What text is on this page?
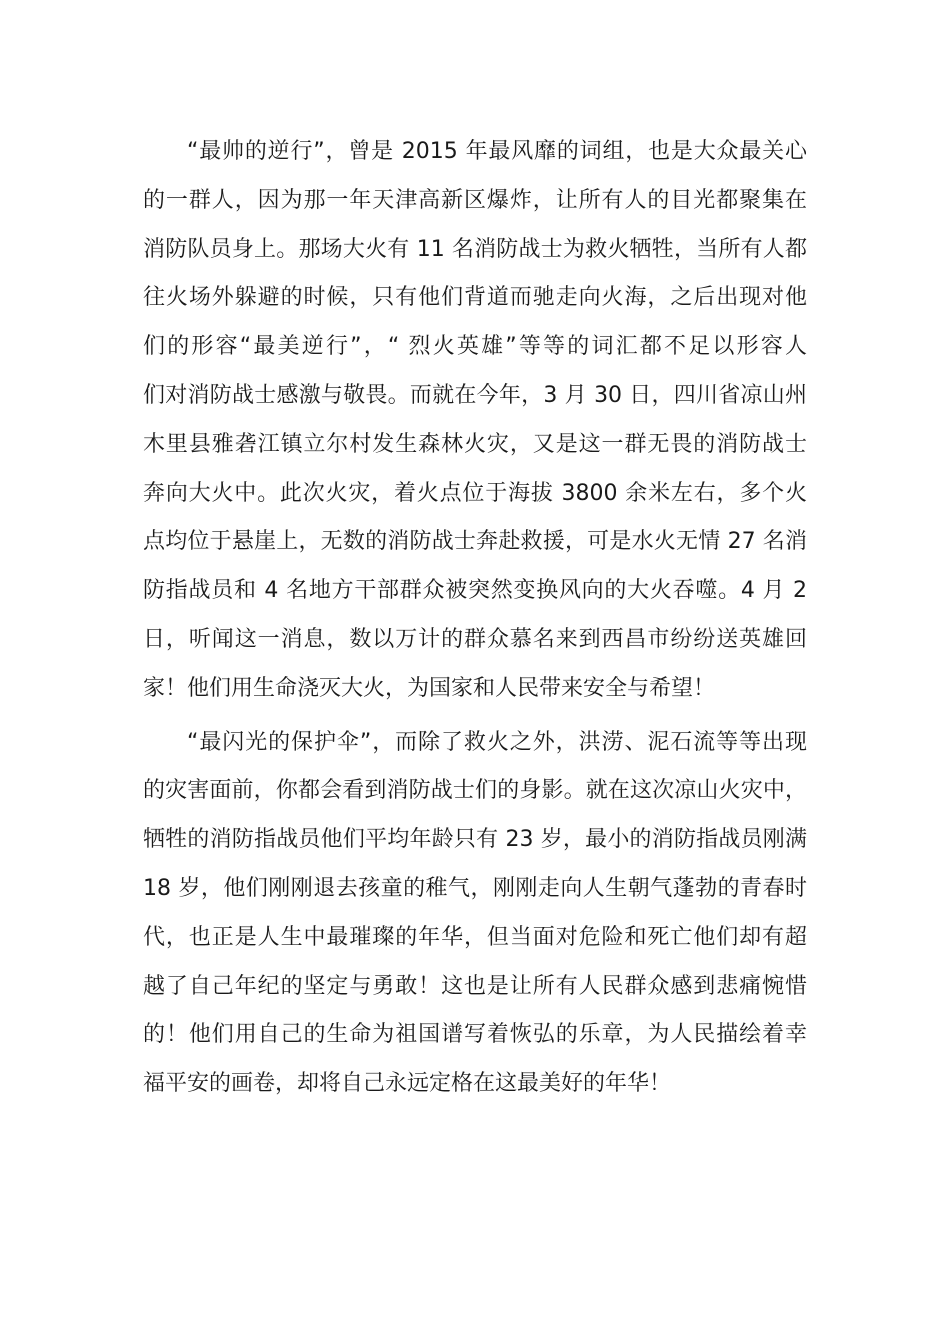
“最帅的逆行”，曾是 2015 年最风靡的词组，也是大众最关心
的一群人，因为那一年天津高新区爆炸，让所有人的目光都聚集在
消防队员身上。那场大火有 11 名消防战士为救火牺牲，当所有人都
往火场外躲避的时候，只有他们背道而驰走向火海，之后出现对他
们的形容“最美逆行”，“ 烈火英雄”等等的词汇都不足以形容人
们对消防战士感激与敬畏。而就在今年，3 月 30 日，四川省凉山州
木里县雅砻江镇立尔村发生森林火灾，又是这一群无畏的消防战士
奔向大火中。此次火灾，着火点位于海拔 3800 余米左右，多个火
点均位于悬崖上，无数的消防战士奔赴救援，可是水火无情 27 名消
防指战员和 4 名地方干部群众被突然变换风向的大火吞噬。4 月 2
日，听闻这一消息，数以万计的群众慕名来到西昌市纷纷送英雄回
家！他们用生命浇灭大火，为国家和人民带来安全与希望！
“最闪光的保护伞”，而除了救火之外，洪涝、泥石流等等出现
的灾害面前，你都会看到消防战士们的身影。就在这次凉山火灾中，
牺牲的消防指战员他们平均年龄只有 23 岁，最小的消防指战员刚满
18 岁，他们刚刚退去孩童的稚气，刚刚走向人生朝气蓬勃的青春时
代，也正是人生中最璀璨的年华，但当面对危险和死亡他们却有超
越了自己年纪的坚定与勇敢！这也是让所有人民群众感到悲痛惋惜
的！他们用自己的生命为祖国谱写着恢弘的乐章，为人民描绘着幸
福平安的画卷，却将自己永远定格在这最美好的年华！
